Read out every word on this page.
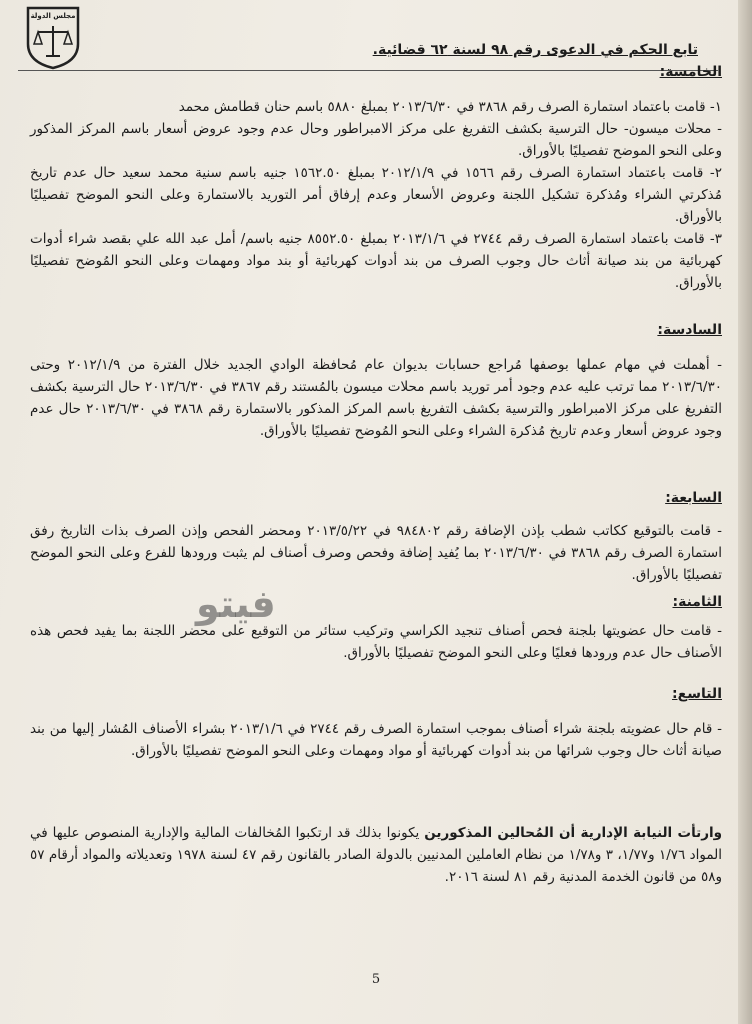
مجلس الدولة
تابع الحكم في الدعوى رقم ٩٨ لسنة ٦٢ قضائية.
الخامسة:

١- قامت باعتماد استمارة الصرف رقم ٣٨٦٨ في ٢٠١٣/٦/٣٠ بمبلغ ٥٨٨٠ باسم حنان قطامش محمد

- محلات ميسون- حال الترسية بكشف التفريغ على مركز الامبراطور وحال عدم وجود عروض أسعار باسم المركز المذكور وعلى النحو الموضح تفصيليًا بالأوراق.

٢- قامت باعتماد استمارة الصرف رقم ١٥٦٦ في ٢٠١٢/١/٩ بمبلغ ١٥٦٢.٥٠ جنيه باسم سنية محمد سعيد حال عدم تاريخ مُذكرتي الشراء ومُذكرة تشكيل اللجنة وعروض الأسعار وعدم إرفاق أمر التوريد بالاستمارة وعلى النحو الموضح تفصيليًا بالأوراق.

٣- قامت باعتماد استمارة الصرف رقم ٢٧٤٤ في ٢٠١٣/١/٦ بمبلغ ٨٥٥٢.٥٠ جنيه باسم/ أمل عبد الله علي بقصد شراء أدوات كهربائية من بند صيانة أثاث حال وجوب الصرف من بند أدوات كهربائية أو بند مواد ومهمات وعلى النحو المُوضح تفصيليًا بالأوراق.

السادسة:

- أهملت في مهام عملها بوصفها مُراجع حسابات بديوان عام مُحافظة الوادي الجديد خلال الفترة من ٢٠١٢/١/٩ وحتى ٢٠١٣/٦/٣٠ مما ترتب عليه عدم وجود أمر توريد باسم محلات ميسون بالمُستند رقم ٣٨٦٧ في ٢٠١٣/٦/٣٠ حال الترسية بكشف التفريغ على مركز الامبراطور والترسية بكشف التفريغ باسم المركز المذكور بالاستمارة رقم ٣٨٦٨ في ٢٠١٣/٦/٣٠ حال عدم وجود عروض أسعار وعدم تاريخ مُذكرة الشراء وعلى النحو المُوضح تفصيليًا بالأوراق.

السابعة:

- قامت بالتوقيع ككاتب شطب بإذن الإضافة رقم ٩٨٤٨٠٢ في ٢٠١٣/٥/٢٢ ومحضر الفحص وإذن الصرف بذات التاريخ رفق استمارة الصرف رقم ٣٨٦٨ في ٢٠١٣/٦/٣٠ بما يُفيد إضافة وفحص وصرف أصناف لم يثبت ورودها للفرع وعلى النحو الموضح تفصيليًا بالأوراق.

الثامنة:

- قامت حال عضويتها بلجنة فحص أصناف تنجيد الكراسي وتركيب ستائر من التوقيع على محضر اللجنة بما يفيد فحص هذه الأصناف حال عدم ورودها فعليًا وعلى النحو الموضح تفصيليًا بالأوراق.

التاسع:

- قام حال عضويته بلجنة شراء أصناف بموجب استمارة الصرف رقم ٢٧٤٤ في ٢٠١٣/١/٦ بشراء الأصناف المُشار إليها من بند صيانة أثاث حال وجوب شرائها من بند أدوات كهربائية أو مواد ومهمات وعلى النحو الموضح تفصيليًا بالأوراق.

وارتأت النيابة الإدارية أن المُحالين المذكورين يكونوا بذلك قد ارتكبوا المُخالفات المالية والإدارية المنصوص عليها في المواد ١/٧٦ و١/٧٧، ٣ و١/٧٨ من نظام العاملين المدنيين بالدولة الصادر بالقانون رقم ٤٧ لسنة ١٩٧٨ وتعديلاته والمواد أرقام ٥٧ و٥٨ من قانون الخدمة المدنية رقم ٨١ لسنة ٢٠١٦.

فيتو
5
